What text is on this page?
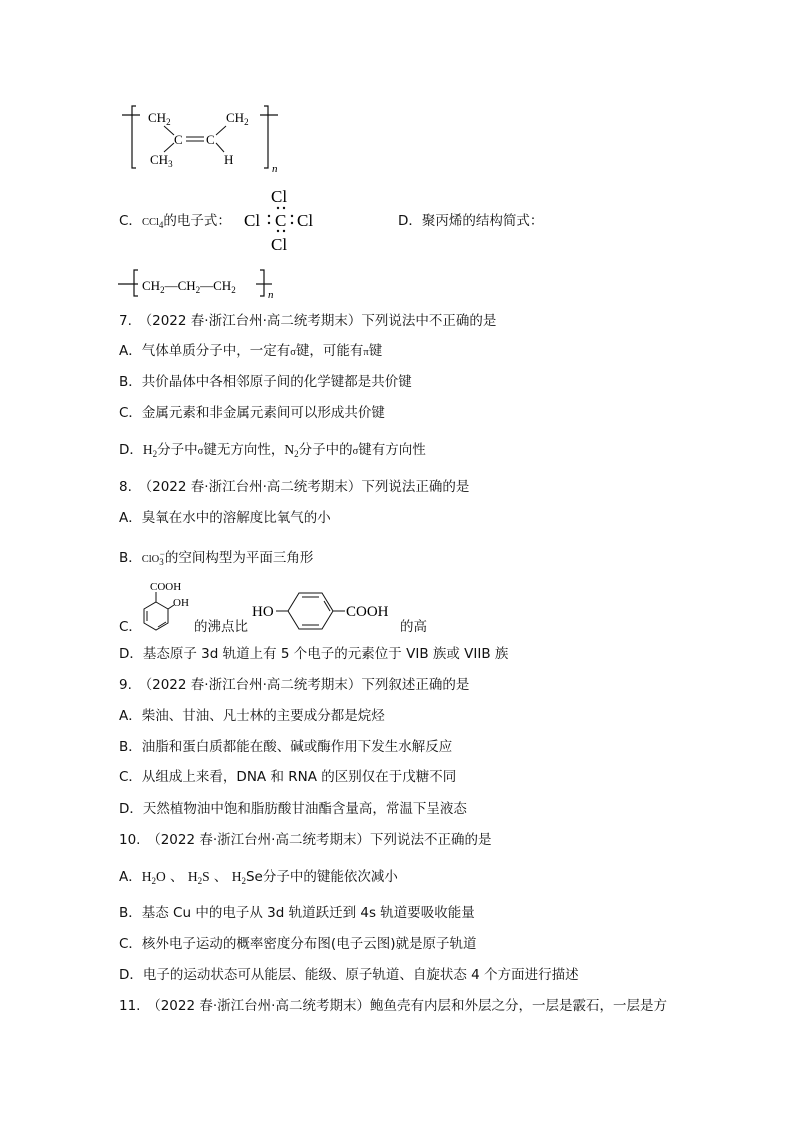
$CH_2$	$CH_2$
C C
$CH_3$	H
n
C．CCl$_4$的电子式：
Cl
Cl C Cl
Cl
D．聚丙烯的结构简式：
$CH_2—CH_2—CH_2$	n
7.　（2022 春·浙江台州·高二统考期末）下列说法中不正确的是
A．气体单质分子中，一定有σ键，可能有π键
B．共价晶体中各相邻原子间的化学键都是共价键
C．金属元素和非金属元素间可以形成共价键
D．$H_2$分子中σ键无方向性，$N_2$分子中的σ键有方向性
8.　（2022 春·浙江台州·高二统考期末）下列说法正确的是
A．臭氧在水中的溶解度比氧气的小
B．ClO$_3$−的空间构型为平面三角形
C．
COOH
OH
的沸点比
HO	COOH
的高
D．基态原子 3d 轨道上有 5 个电子的元素位于 VIB 族或 VIIB 族
9.　（2022 春·浙江台州·高二统考期末）下列叙述正确的是
A．柴油、甘油、凡士林的主要成分都是烷烃
B．油脂和蛋白质都能在酸、碱或酶作用下发生水解反应
C．从组成上来看，DNA 和 RNA 的区别仅在于戊糖不同
D．天然植物油中饱和脂肪酸甘油酯含量高，常温下呈液态
10.　（2022 春·浙江台州·高二统考期末）下列说法不正确的是
A．$H_2O$ 、 $H_2S$ 、 $H_2Se$分子中的键能依次减小
B．基态 Cu 中的电子从 3d 轨道跃迁到 4s 轨道要吸收能量
C．核外电子运动的概率密度分布图(电子云图)就是原子轨道
D．电子的运动状态可从能层、能级、原子轨道、自旋状态 4 个方面进行描述
11.　（2022 春·浙江台州·高二统考期末）鲍鱼壳有内层和外层之分，一层是霰石，一层是方
